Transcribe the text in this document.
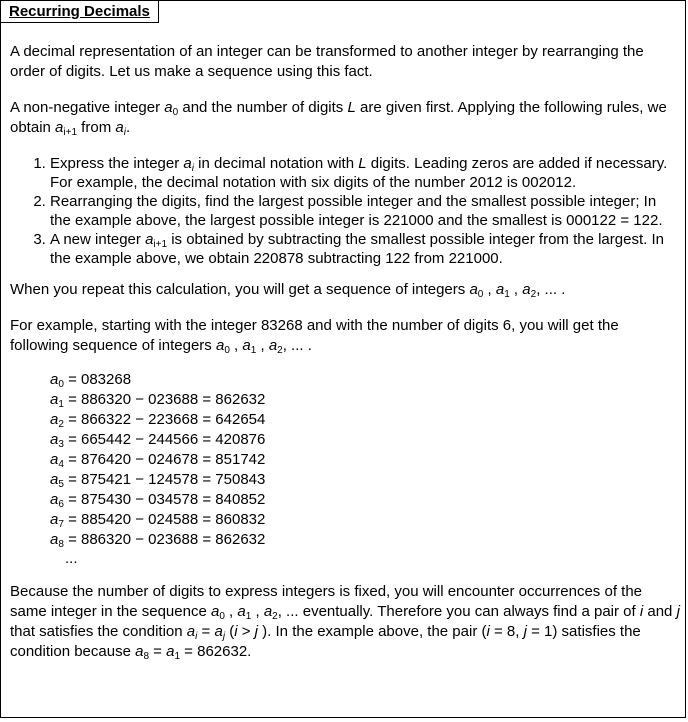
Recurring Decimals

A decimal representation of an integer can be transformed to another integer by rearranging the order of digits. Let us make a sequence using this fact.

A non-negative integer $a_0$ and the number of digits L are given first. Applying the following rules, we obtain $a_{i+1}$ from $a_i$.

1. Express the integer $a_i$ in decimal notation with L digits. Leading zeros are added if necessary. For example, the decimal notation with six digits of the number 2012 is 002012.
2. Rearranging the digits, find the largest possible integer and the smallest possible integer; In the example above, the largest possible integer is 221000 and the smallest is 000122 = 122.
3. A new integer $a_{i+1}$ is obtained by subtracting the smallest possible integer from the largest. In the example above, we obtain 220878 subtracting 122 from 221000.

When you repeat this calculation, you will get a sequence of integers $a_0$ , $a_1$ , $a_2$, ... .

For example, starting with the integer 83268 and with the number of digits 6, you will get the following sequence of integers $a_0$ , $a_1$ , $a_2$, ... .

$a_0 = 083268$
$a_1 = 886320 - 023688 = 862632$
$a_2 = 866322 - 223668 = 642654$
$a_3 = 665442 - 244566 = 420876$
$a_4 = 876420 - 024678 = 851742$
$a_5 = 875421 - 124578 = 750843$
$a_6 = 875430 - 034578 = 840852$
$a_7 = 885420 - 024588 = 860832$
$a_8 = 886320 - 023688 = 862632$
...

Because the number of digits to express integers is fixed, you will encounter occurrences of the same integer in the sequence $a_0$ , $a_1$ , $a_2$, ... eventually. Therefore you can always find a pair of i and j that satisfies the condition $a_i = a_j$ (i > j ). In the example above, the pair (i = 8, j = 1) satisfies the condition because $a_8 = a_1 = 862632$.
